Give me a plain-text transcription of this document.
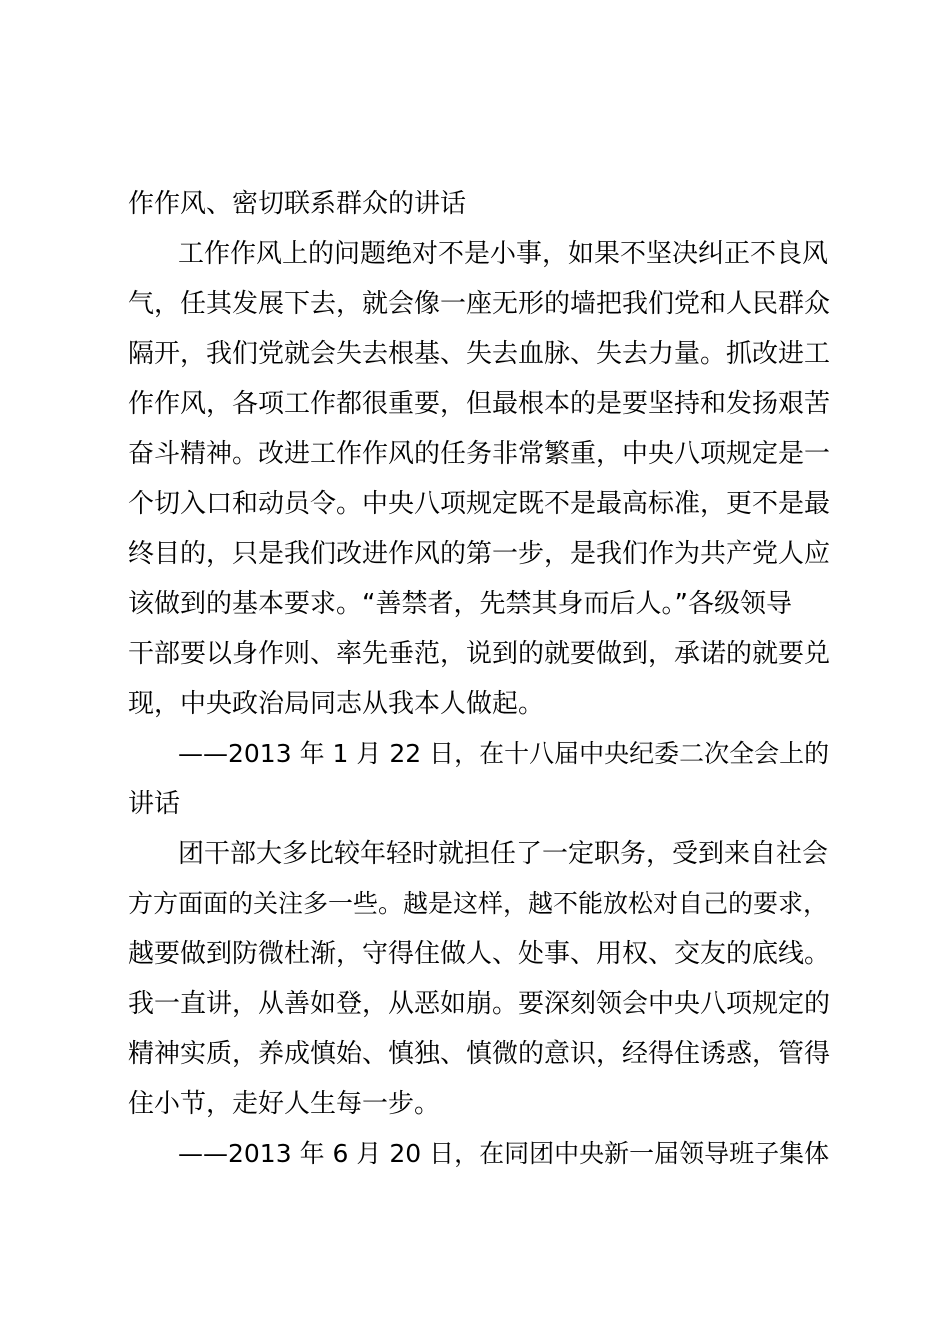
作作风、密切联系群众的讲话
工作作风上的问题绝对不是小事，如果不坚决纠正不良风
气，任其发展下去，就会像一座无形的墙把我们党和人民群众
隔开，我们党就会失去根基、失去血脉、失去力量。抓改进工
作作风，各项工作都很重要，但最根本的是要坚持和发扬艰苦
奋斗精神。改进工作作风的任务非常繁重，中央八项规定是一
个切入口和动员令。中央八项规定既不是最高标准，更不是最
终目的，只是我们改进作风的第一步，是我们作为共产党人应
该做到的基本要求。“善禁者，先禁其身而后人。”各级领导
干部要以身作则、率先垂范，说到的就要做到，承诺的就要兑
现，中央政治局同志从我本人做起。
——2013 年 1 月 22 日，在十八届中央纪委二次全会上的
讲话
团干部大多比较年轻时就担任了一定职务，受到来自社会
方方面面的关注多一些。越是这样，越不能放松对自己的要求，
越要做到防微杜渐，守得住做人、处事、用权、交友的底线。
我一直讲，从善如登，从恶如崩。要深刻领会中央八项规定的
精神实质，养成慎始、慎独、慎微的意识，经得住诱惑，管得
住小节，走好人生每一步。
——2013 年 6 月 20 日，在同团中央新一届领导班子集体
